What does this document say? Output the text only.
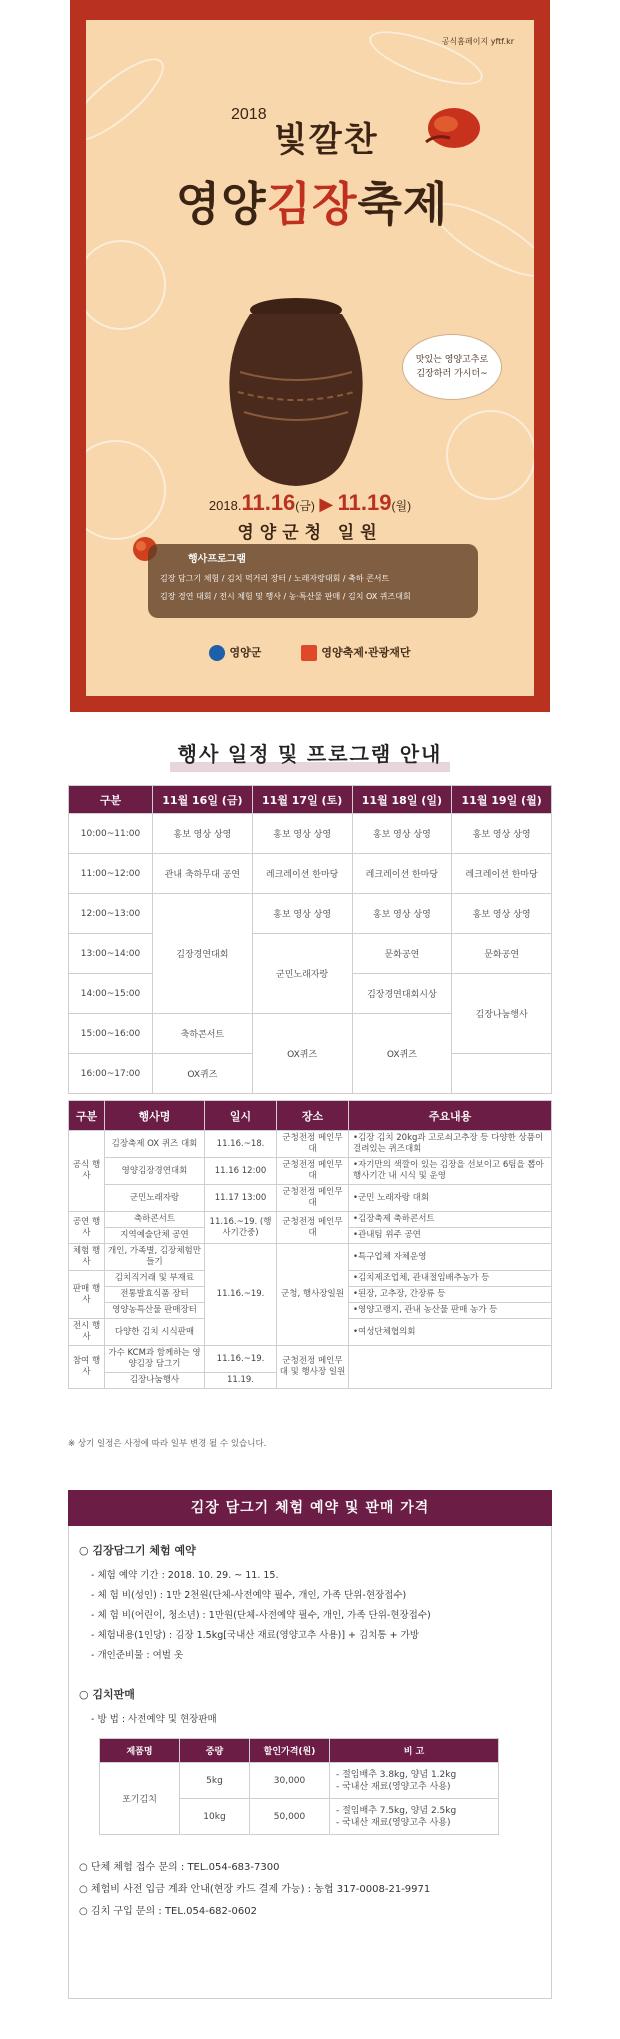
공식홈페이지 yftf.kr
2018
빛깔찬
영양김장축제
맛있는 영양고추로
김장하러 가시더~
2018.11.16(금) ▶ 11.19(월)
영양군청 일원
행사프로그램
김장 담그기 체험 / 김치 먹거리 장터 / 노래자랑대회 / 축하 콘서트
김장 경연 대회 / 전시 체험 및 행사 / 농·특산물 판매 / 김치 OX 퀴즈대회
영양군	영양축제·관광재단
행사 일정 및 프로그램 안내
구분	11월 16일 (금)	11월 17일 (토)	11월 18일 (일)	11월 19일 (월)
10:00~11:00	홍보 영상 상영	홍보 영상 상영	홍보 영상 상영	홍보 영상 상영
11:00~12:00	관내 축하무대 공연	레크레이션 한마당	레크레이션 한마당	레크레이션 한마당
12:00~13:00	김장경연대회	홍보 영상 상영	홍보 영상 상영	홍보 영상 상영
13:00~14:00		군민노래자랑	문화공연	문화공연
14:00~15:00			김장경연대회시상	김장나눔행사
15:00~16:00	축하콘서트	OX퀴즈	OX퀴즈	
16:00~17:00	OX퀴즈			
구분	행사명	일시	장소	주요내용
공식 행사	김장축제 OX 퀴즈 대회	11.16.~18.	군청전정 메인무대	•김장 김치 20kg과 고로쇠고추장 등 다양한 상품이 걸려있는 퀴즈대회
	영양김장경연대회	11.16 12:00	군청전정 메인무대	•자기만의 색깔이 있는 김장을 선보이고 6팀을 뽑아 행사기간 내 시식 및 운영
	군민노래자랑	11.17 13:00	군청전정 메인무대	•군민 노래자랑 대회
공연 행사	축하콘서트	11.16.~19. (행사기간중)	군청전정 메인무대	•김장축제 축하콘서트
	지역예술단체 공연			•관내팀 위주 공연
체험 행사	개인, 가족별, 김장체험만들기	11.16.~19.	군청, 행사장일원	•특구업체 자체운영
판매 행사	김치직거래 및 부재료			•김치제조업체, 관내절임배추농가 등
	전통발효식품 장터			•된장, 고추장, 간장류 등
	영양농특산물 판매장터			•영양고랭지, 관내 농산물 판매 농가 등
전시 행사	다양한 김치 시식판매			•여성단체협의회
참여 행사	가수 KCM과 함께하는 영양김장 담그기	11.16.~19.	군청전정 메인무대 및 행사장 일원	
	김장나눔행사	11.19.		
※ 상기 일정은 사정에 따라 일부 변경 될 수 있습니다.
김장 담그기 체험 예약 및 판매 가격
○ 김장담그기 체험 예약
- 체험 예약 기간 : 2018. 10. 29. ~ 11. 15.
- 체 험 비(성인) : 1만 2천원(단체-사전예약 필수, 개인, 가족 단위-현장접수)
- 체 험 비(어린이, 청소년) : 1만원(단체-사전예약 필수, 개인, 가족 단위-현장접수)
- 체험내용(1인당) : 김장 1.5kg[국내산 재료(영양고추 사용)] + 김치통 + 가방
- 개인준비물 : 여벌 옷
○ 김치판매
- 방 법 : 사전예약 및 현장판매
제품명	중량	할인가격(원)	비 고
포기김치	5kg	30,000	- 절임배추 3.8kg, 양념 1.2kg
- 국내산 재료(영양고추 사용)

	10kg	50,000	- 절임배추 7.5kg, 양념 2.5kg
- 국내산 재료(영양고추 사용)
○ 단체 체험 접수 문의 : TEL.054-683-7300
○ 체험비 사전 입금 계좌 안내(현장 카드 결제 가능) : 농협 317-0008-21-9971
○ 김치 구입 문의 : TEL.054-682-0602
